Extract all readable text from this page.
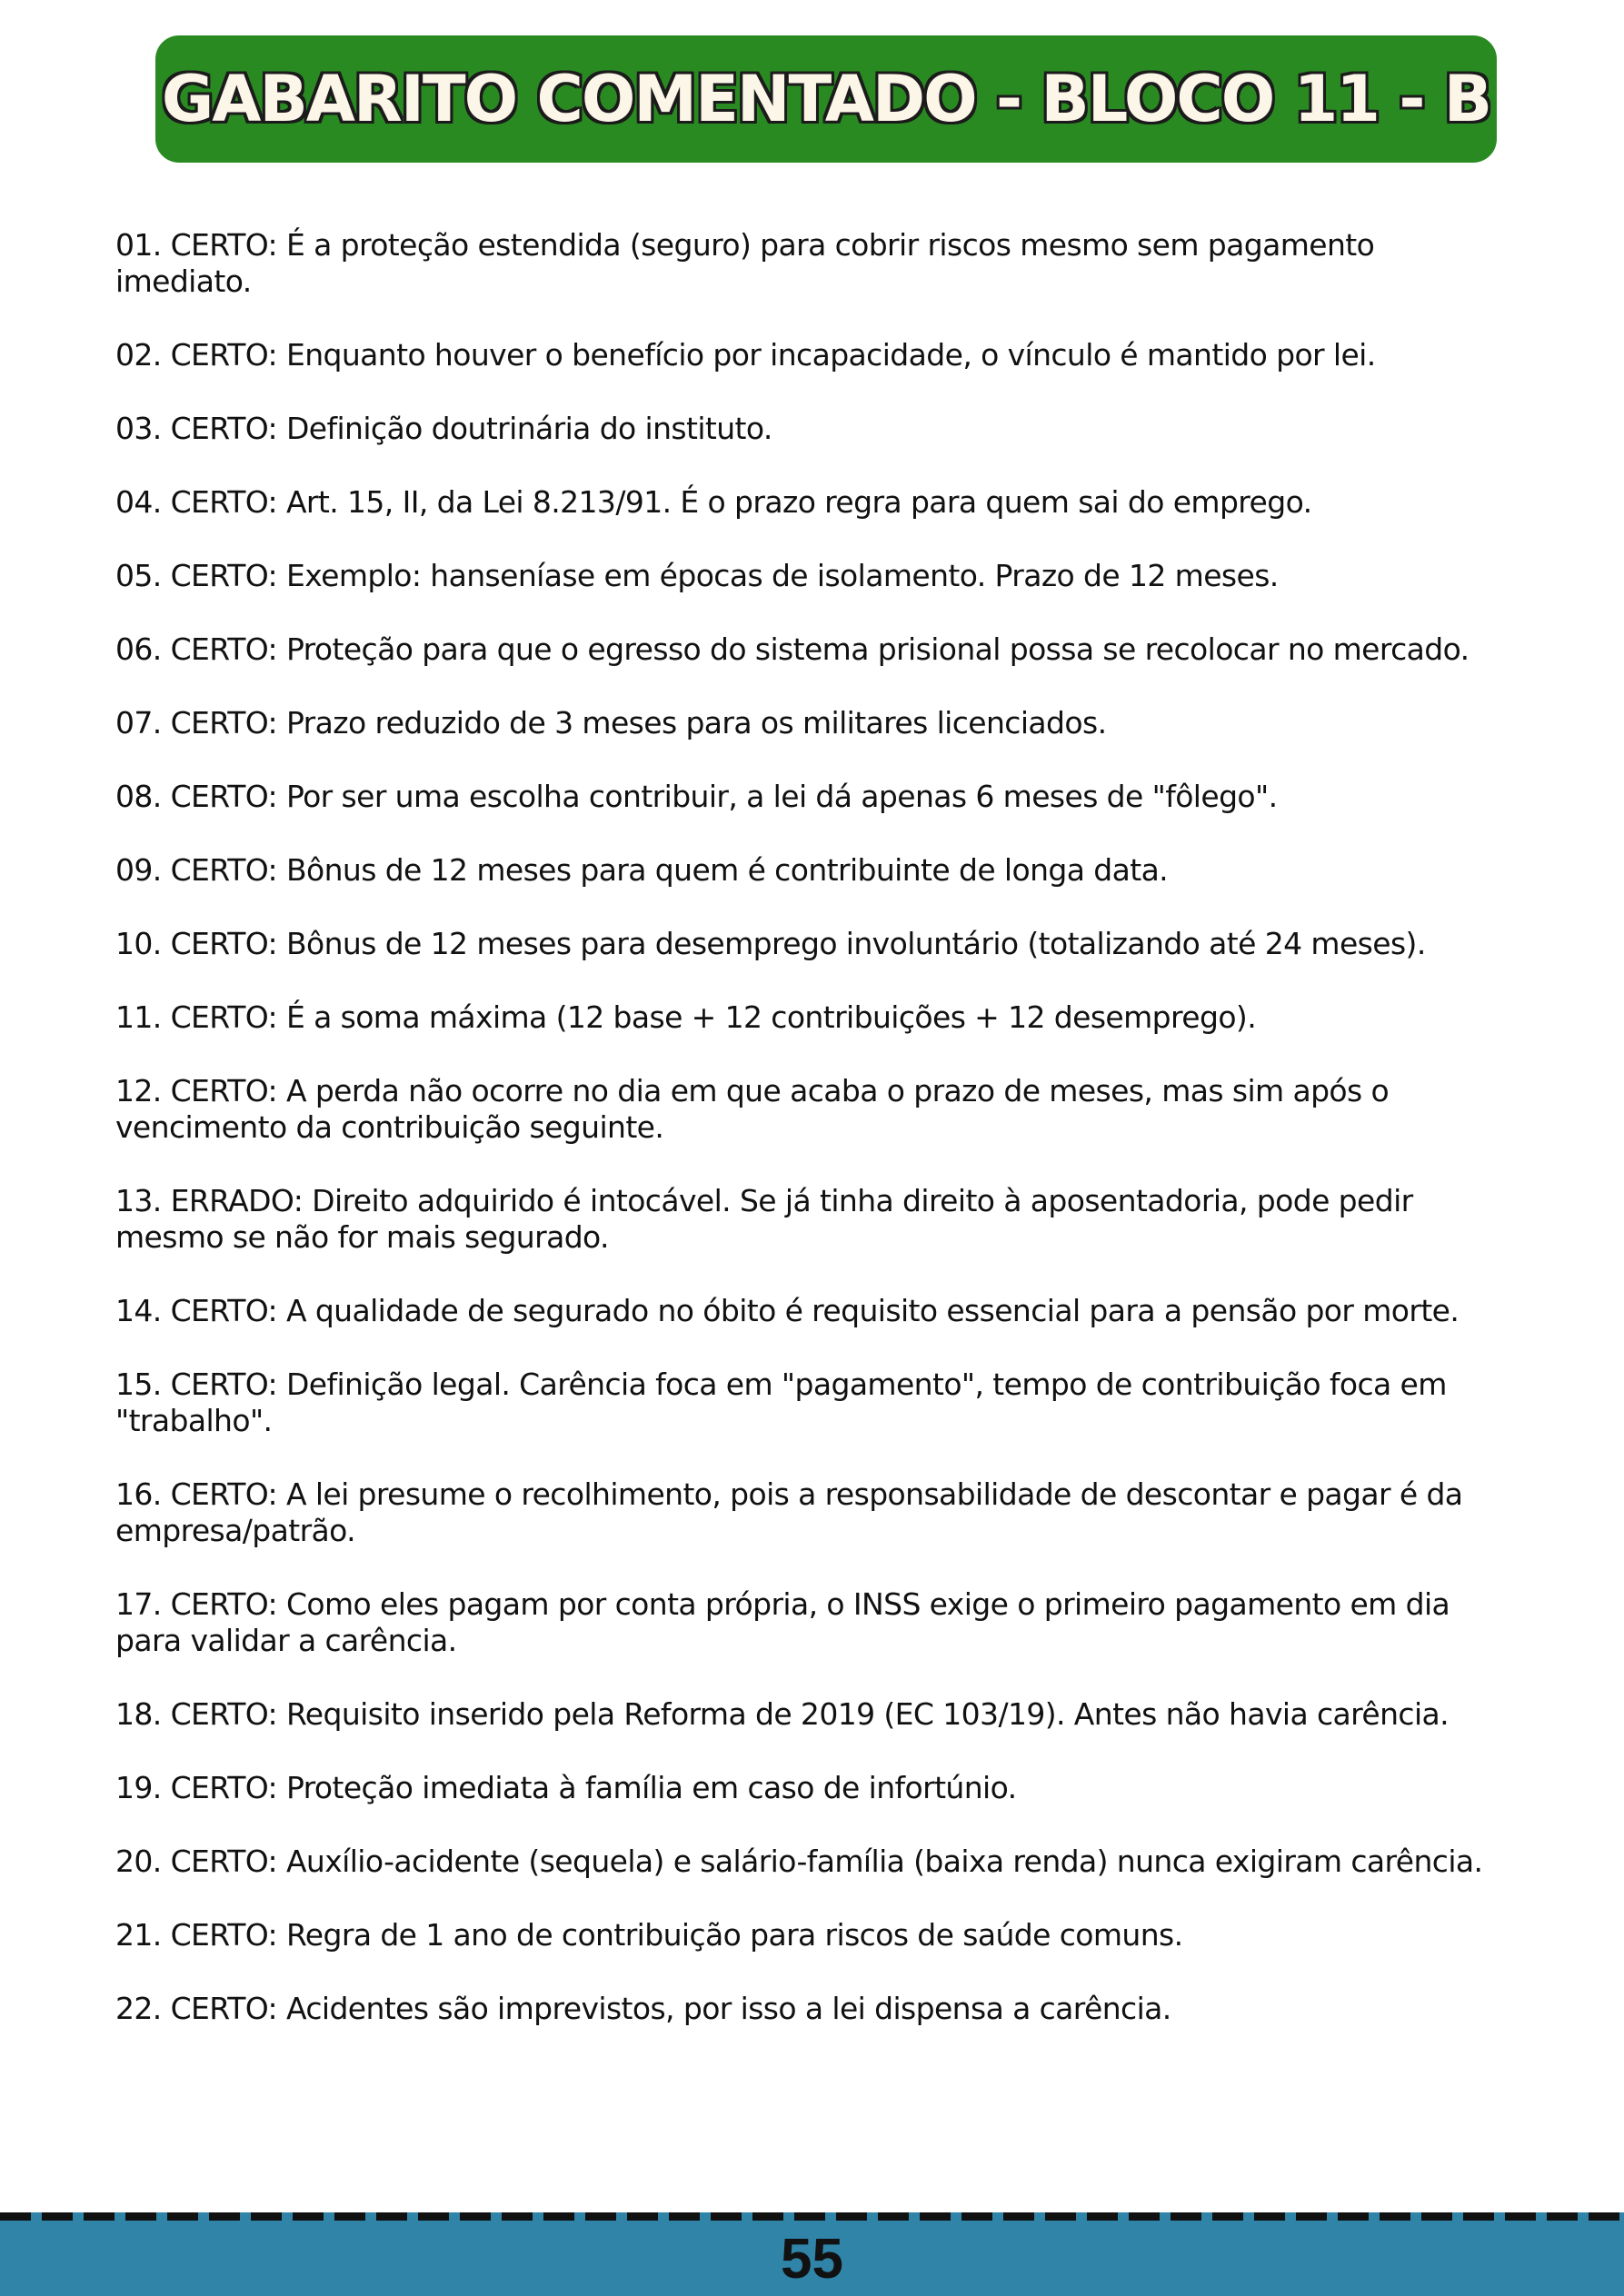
GABARITO COMENTADO - BLOCO 11 - B
01. CERTO: É a proteção estendida (seguro) para cobrir riscos mesmo sem pagamento imediato.
02. CERTO: Enquanto houver o benefício por incapacidade, o vínculo é mantido por lei.
03. CERTO: Definição doutrinária do instituto.
04. CERTO: Art. 15, II, da Lei 8.213/91. É o prazo regra para quem sai do emprego.
05. CERTO: Exemplo: hanseníase em épocas de isolamento. Prazo de 12 meses.
06. CERTO: Proteção para que o egresso do sistema prisional possa se recolocar no mercado.
07. CERTO: Prazo reduzido de 3 meses para os militares licenciados.
08. CERTO: Por ser uma escolha contribuir, a lei dá apenas 6 meses de "fôlego".
09. CERTO: Bônus de 12 meses para quem é contribuinte de longa data.
10. CERTO: Bônus de 12 meses para desemprego involuntário (totalizando até 24 meses).
11. CERTO: É a soma máxima (12 base + 12 contribuições + 12 desemprego).
12. CERTO: A perda não ocorre no dia em que acaba o prazo de meses, mas sim após o vencimento da contribuição seguinte.
13. ERRADO: Direito adquirido é intocável. Se já tinha direito à aposentadoria, pode pedir mesmo se não for mais segurado.
14. CERTO: A qualidade de segurado no óbito é requisito essencial para a pensão por morte.
15. CERTO: Definição legal. Carência foca em "pagamento", tempo de contribuição foca em "trabalho".
16. CERTO: A lei presume o recolhimento, pois a responsabilidade de descontar e pagar é da empresa/patrão.
17. CERTO: Como eles pagam por conta própria, o INSS exige o primeiro pagamento em dia para validar a carência.
18. CERTO: Requisito inserido pela Reforma de 2019 (EC 103/19). Antes não havia carência.
19. CERTO: Proteção imediata à família em caso de infortúnio.
20. CERTO: Auxílio-acidente (sequela) e salário-família (baixa renda) nunca exigiram carência.
21. CERTO: Regra de 1 ano de contribuição para riscos de saúde comuns.
22. CERTO: Acidentes são imprevistos, por isso a lei dispensa a carência.
55
